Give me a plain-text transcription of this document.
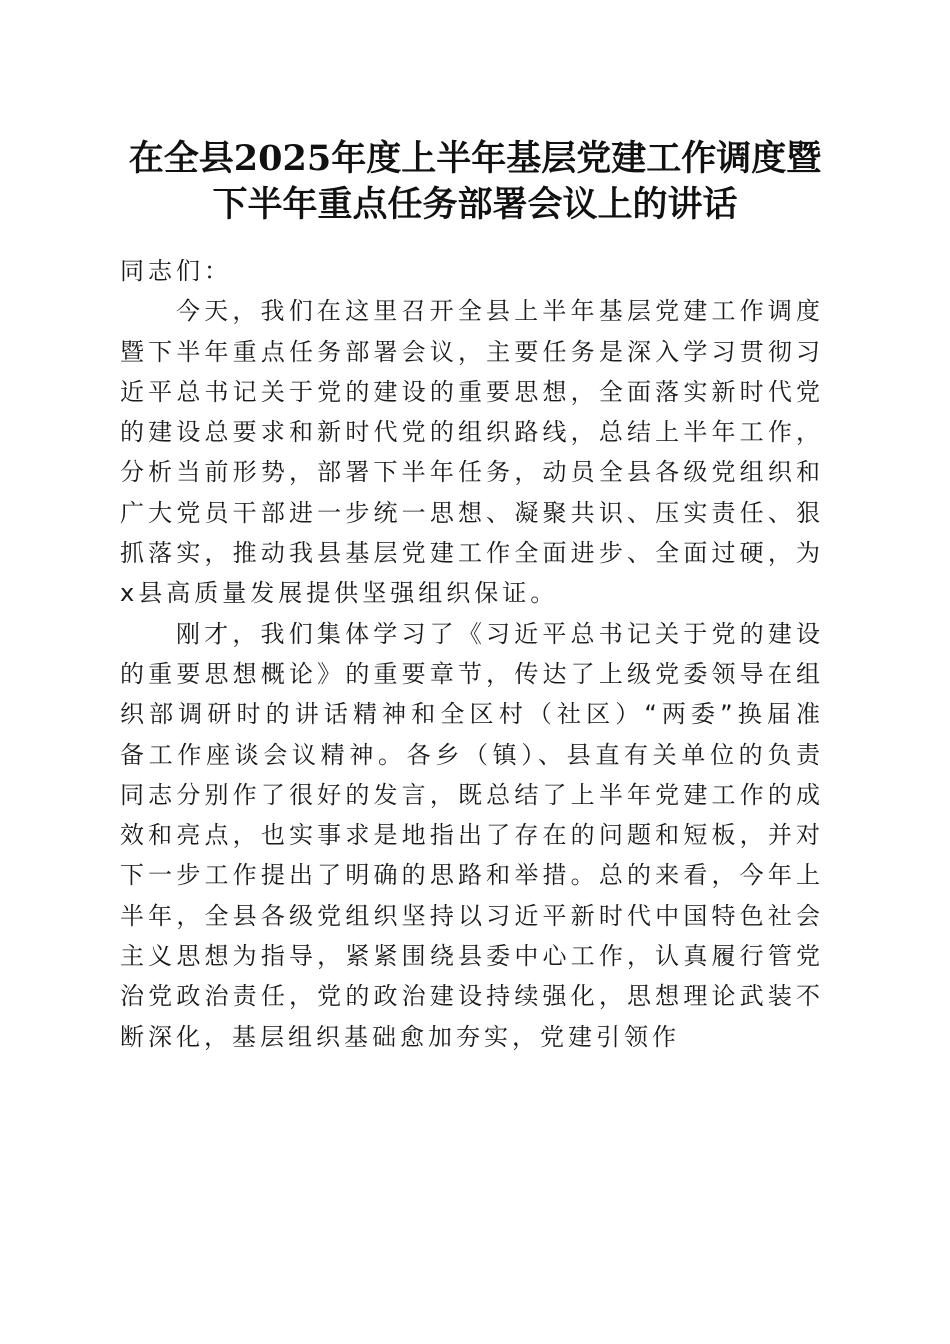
在全县2025年度上半年基层党建工作调度暨
下半年重点任务部署会议上的讲话

同志们：

今天，我们在这里召开全县上半年基层党建工作调度暨下半年重点任务部署会议，主要任务是深入学习贯彻习近平总书记关于党的建设的重要思想，全面落实新时代党的建设总要求和新时代党的组织路线，总结上半年工作，分析当前形势，部署下半年任务，动员全县各级党组织和广大党员干部进一步统一思想、凝聚共识、压实责任、狠抓落实，推动我县基层党建工作全面进步、全面过硬，为x县高质量发展提供坚强组织保证。

刚才，我们集体学习了《习近平总书记关于党的建设的重要思想概论》的重要章节，传达了上级党委领导在组织部调研时的讲话精神和全区村（社区）“两委”换届准备工作座谈会议精神。各乡（镇）、县直有关单位的负责同志分别作了很好的发言，既总结了上半年党建工作的成效和亮点，也实事求是地指出了存在的问题和短板，并对下一步工作提出了明确的思路和举措。总的来看，今年上半年，全县各级党组织坚持以习近平新时代中国特色社会主义思想为指导，紧紧围绕县委中心工作，认真履行管党治党政治责任，党的政治建设持续强化，思想理论武装不断深化，基层组织基础愈加夯实，党建引领作
